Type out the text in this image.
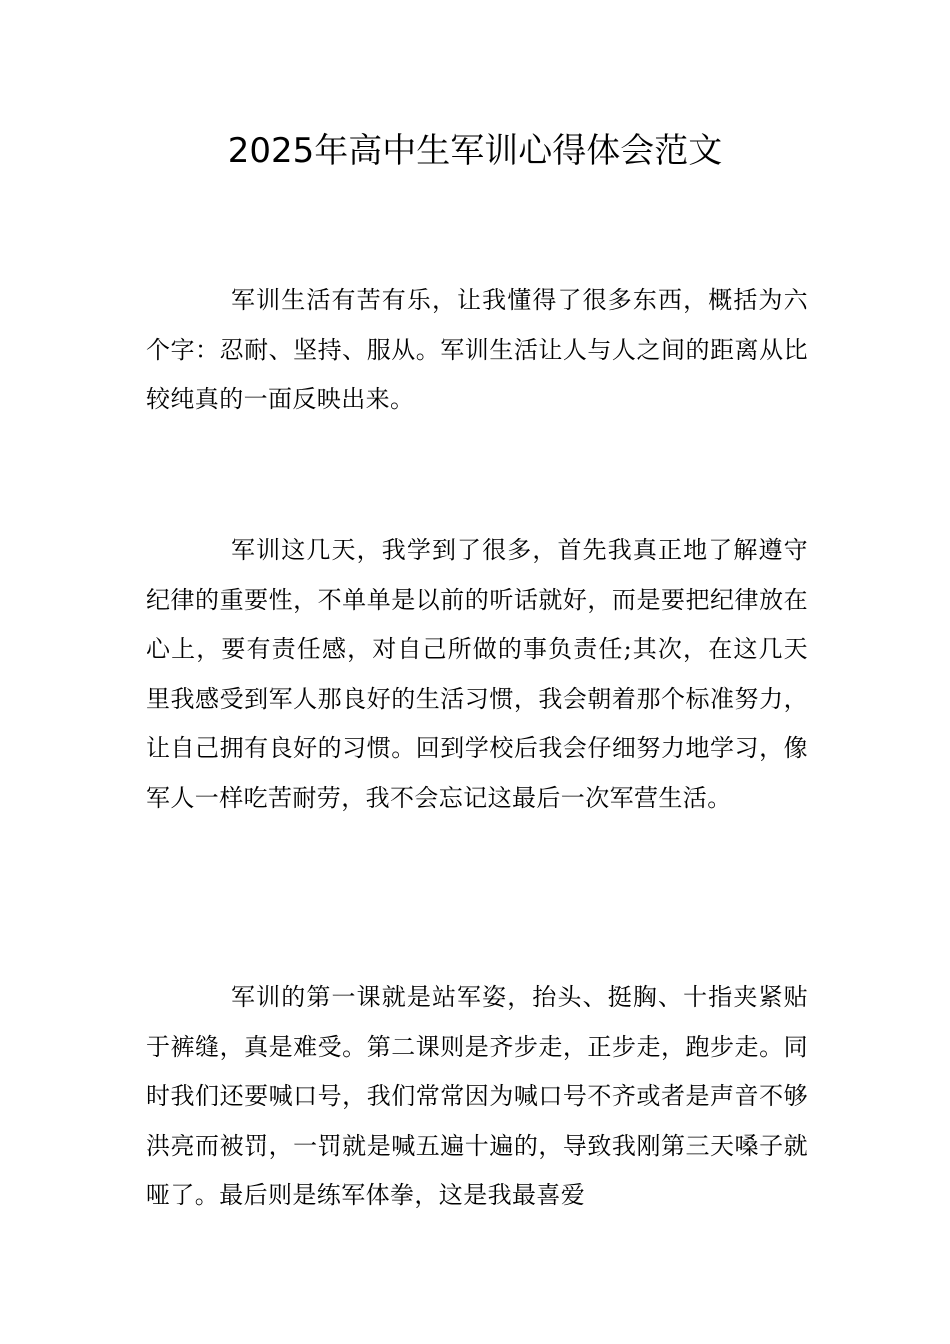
2025年高中生军训心得体会范文

军训生活有苦有乐，让我懂得了很多东西，概括为六个字：忍耐、坚持、服从。军训生活让人与人之间的距离从比较纯真的一面反映出来。

军训这几天，我学到了很多，首先我真正地了解遵守纪律的重要性，不单单是以前的听话就好，而是要把纪律放在心上，要有责任感，对自己所做的事负责任;其次，在这几天里我感受到军人那良好的生活习惯，我会朝着那个标准努力，让自己拥有良好的习惯。回到学校后我会仔细努力地学习，像军人一样吃苦耐劳，我不会忘记这最后一次军营生活。

军训的第一课就是站军姿，抬头、挺胸、十指夹紧贴于裤缝，真是难受。第二课则是齐步走，正步走，跑步走。同时我们还要喊口号，我们常常因为喊口号不齐或者是声音不够洪亮而被罚，一罚就是喊五遍十遍的，导致我刚第三天嗓子就哑了。最后则是练军体拳，这是我最喜爱
